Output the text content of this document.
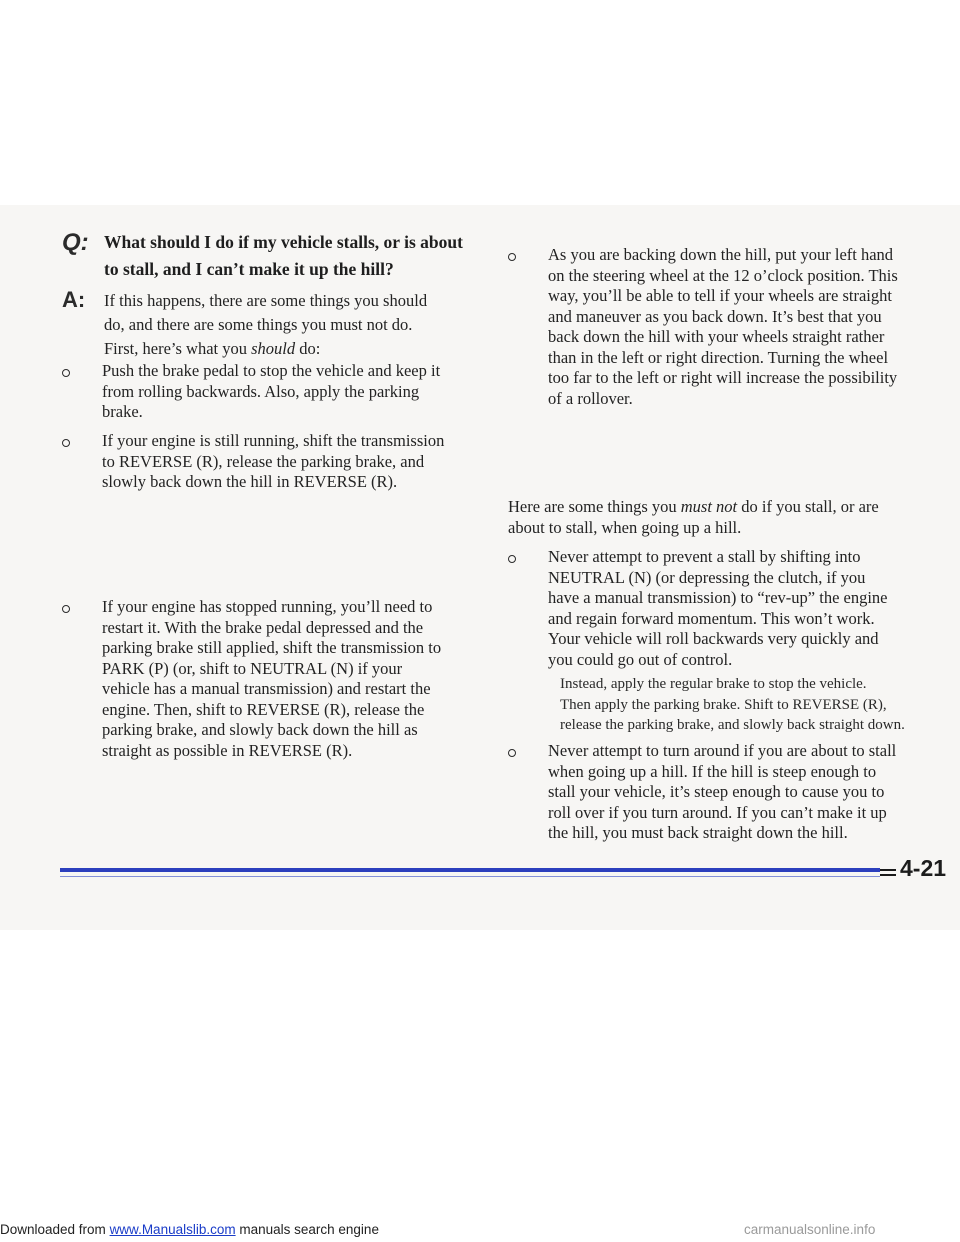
Q: What should I do if my vehicle stalls, or is about
to stall, and I can’t make it up the hill?
A: If this happens, there are some things you should
do, and there are some things you must not do.
First, here’s what you should do:
Push the brake pedal to stop the vehicle and keep it
from rolling backwards. Also, apply the parking
brake.
If your engine is still running, shift the transmission
to REVERSE (R), release the parking brake, and
slowly back down the hill in REVERSE (R).
If your engine has stopped running, you’ll need to
restart it. With the brake pedal depressed and the
parking brake still applied, shift the transmission to
PARK (P) (or, shift to NEUTRAL (N) if your
vehicle has a manual transmission) and restart the
engine. Then, shift to REVERSE (R), release the
parking brake, and slowly back down the hill as
straight as possible in REVERSE (R).
As you are backing down the hill, put your left hand
on the steering wheel at the 12 o’clock position. This
way, you’ll be able to tell if your wheels are straight
and maneuver as you back down. It’s best that you
back down the hill with your wheels straight rather
than in the left or right direction. Turning the wheel
too far to the left or right will increase the possibility
of a rollover.
Here are some things you must not do if you stall, or are
about to stall, when going up a hill.
Never attempt to prevent a stall by shifting into
NEUTRAL (N) (or depressing the clutch, if you
have a manual transmission) to “rev-up” the engine
and regain forward momentum. This won’t work.
Your vehicle will roll backwards very quickly and
you could go out of control.
Instead, apply the regular brake to stop the vehicle.
Then apply the parking brake. Shift to REVERSE (R),
release the parking brake, and slowly back straight down.
Never attempt to turn around if you are about to stall
when going up a hill. If the hill is steep enough to
stall your vehicle, it’s steep enough to cause you to
roll over if you turn around. If you can’t make it up
the hill, you must back straight down the hill.
4-21
Downloaded from www.Manualslib.com manuals search engine	carmanualsonline.info
